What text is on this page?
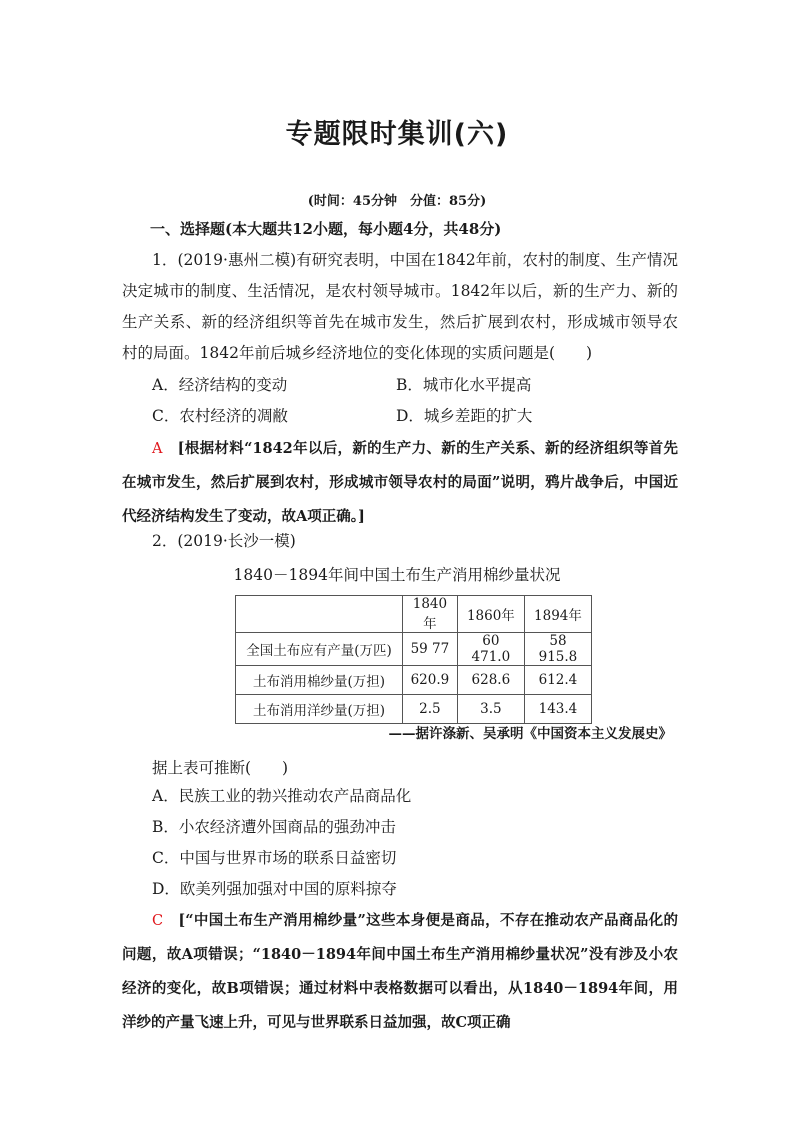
专题限时集训(六)
(时间：45分钟　分值：85分)
一、选择题(本大题共12小题，每小题4分，共48分)

1．(2019·惠州二模)有研究表明，中国在1842年前，农村的制度、生产情况决定城市的制度、生活情况，是农村领导城市。1842年以后，新的生产力、新的生产关系、新的经济组织等首先在城市发生，然后扩展到农村，形成城市领导农村的局面。1842年前后城乡经济地位的变化体现的实质问题是(　　)

A．经济结构的变动	B．城市化水平提高
C．农村经济的凋敝	D．城乡差距的扩大

A　 [根据材料“1842年以后，新的生产力、新的生产关系、新的经济组织等首先在城市发生，然后扩展到农村，形成城市领导农村的局面”说明，鸦片战争后，中国近代经济结构发生了变动，故A项正确。]

2．(2019·长沙一模)
1840－1894年间中国土布生产消用棉纱量状况
	1840年	1860年	1894年
全国土布应有产量(万匹)	59 77	60 471.0	58 915.8
土布消用棉纱量(万担)	620.9	628.6	612.4
土布消用洋纱量(万担)	2.5	3.5	143.4
——据许涤新、吴承明《中国资本主义发展史》
据上表可推断(　　)
A．民族工业的勃兴推动农产品商品化
B．小农经济遭外国商品的强劲冲击
C．中国与世界市场的联系日益密切
D．欧美列强加强对中国的原料掠夺

C　 [“中国土布生产消用棉纱量”这些本身便是商品，不存在推动农产品商品化的问题，故A项错误；“1840－1894年间中国土布生产消用棉纱量状况”没有涉及小农经济的变化，故B项错误；通过材料中表格数据可以看出，从1840－1894年间，用洋纱的产量飞速上升，可见与世界联系日益加强，故C项正确
